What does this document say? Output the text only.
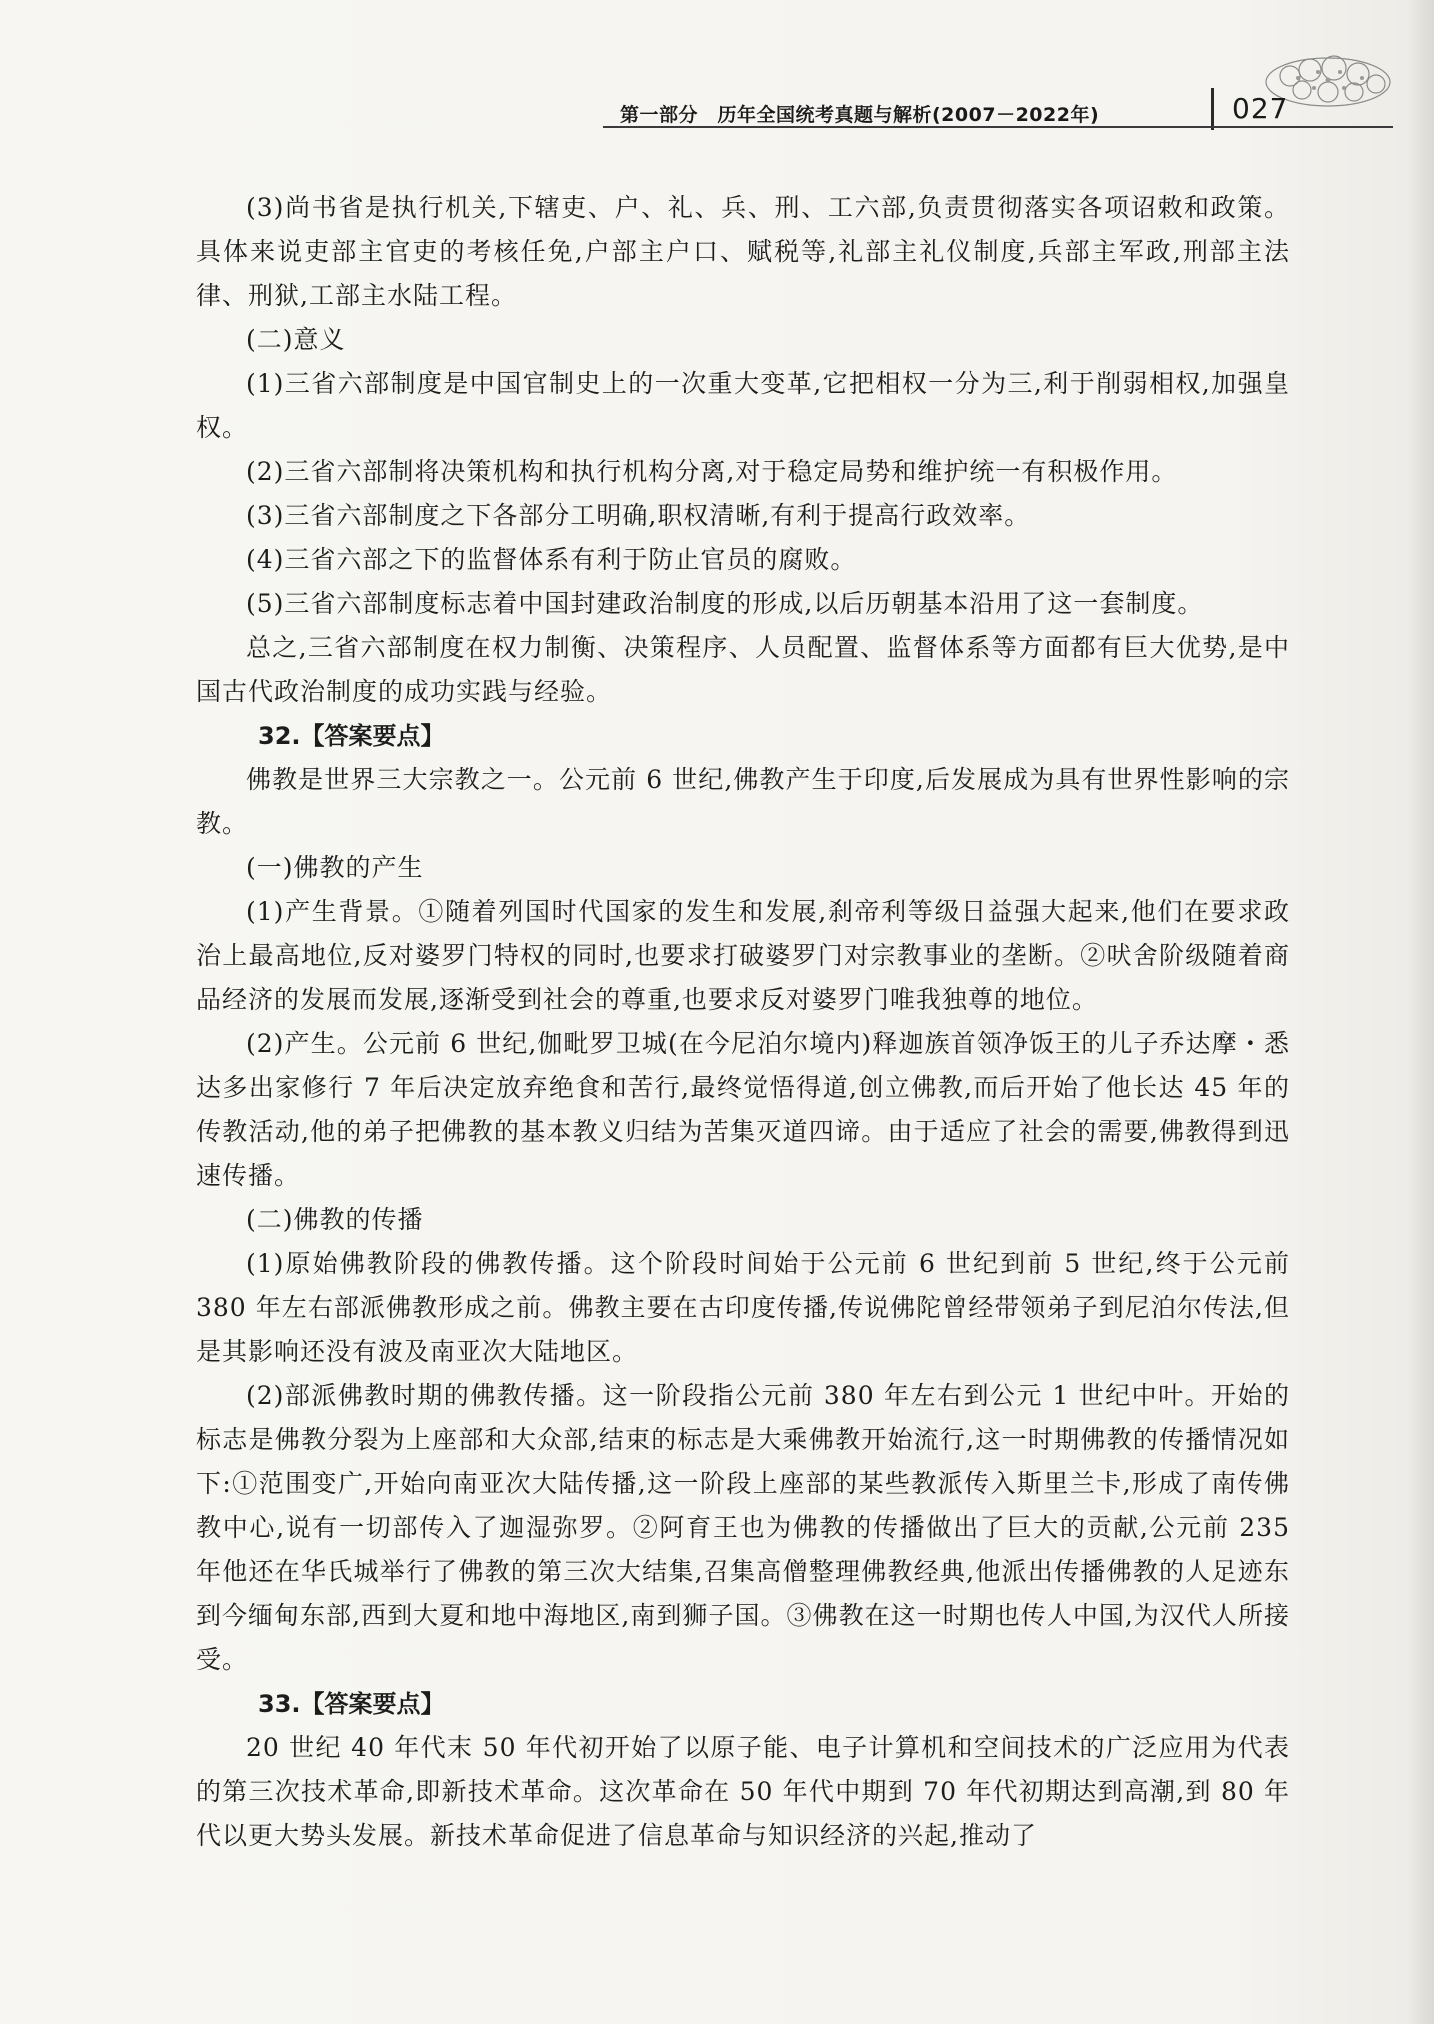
第一部分　历年全国统考真题与解析(2007－2022年)	027

(3)尚书省是执行机关,下辖吏、户、礼、兵、刑、工六部,负责贯彻落实各项诏敕和政策。具体来说吏部主官吏的考核任免,户部主户口、赋税等,礼部主礼仪制度,兵部主军政,刑部主法律、刑狱,工部主水陆工程。

(二)意义

(1)三省六部制度是中国官制史上的一次重大变革,它把相权一分为三,利于削弱相权,加强皇权。

(2)三省六部制将决策机构和执行机构分离,对于稳定局势和维护统一有积极作用。

(3)三省六部制度之下各部分工明确,职权清晰,有利于提高行政效率。

(4)三省六部之下的监督体系有利于防止官员的腐败。

(5)三省六部制度标志着中国封建政治制度的形成,以后历朝基本沿用了这一套制度。

总之,三省六部制度在权力制衡、决策程序、人员配置、监督体系等方面都有巨大优势,是中国古代政治制度的成功实践与经验。

32.【答案要点】

佛教是世界三大宗教之一。公元前 6 世纪,佛教产生于印度,后发展成为具有世界性影响的宗教。

(一)佛教的产生

(1)产生背景。①随着列国时代国家的发生和发展,刹帝利等级日益强大起来,他们在要求政治上最高地位,反对婆罗门特权的同时,也要求打破婆罗门对宗教事业的垄断。②吠舍阶级随着商品经济的发展而发展,逐渐受到社会的尊重,也要求反对婆罗门唯我独尊的地位。

(2)产生。公元前 6 世纪,伽毗罗卫城(在今尼泊尔境内)释迦族首领净饭王的儿子乔达摩・悉达多出家修行 7 年后决定放弃绝食和苦行,最终觉悟得道,创立佛教,而后开始了他长达 45 年的传教活动,他的弟子把佛教的基本教义归结为苦集灭道四谛。由于适应了社会的需要,佛教得到迅速传播。

(二)佛教的传播

(1)原始佛教阶段的佛教传播。这个阶段时间始于公元前 6 世纪到前 5 世纪,终于公元前 380 年左右部派佛教形成之前。佛教主要在古印度传播,传说佛陀曾经带领弟子到尼泊尔传法,但是其影响还没有波及南亚次大陆地区。

(2)部派佛教时期的佛教传播。这一阶段指公元前 380 年左右到公元 1 世纪中叶。开始的标志是佛教分裂为上座部和大众部,结束的标志是大乘佛教开始流行,这一时期佛教的传播情况如下:①范围变广,开始向南亚次大陆传播,这一阶段上座部的某些教派传入斯里兰卡,形成了南传佛教中心,说有一切部传入了迦湿弥罗。②阿育王也为佛教的传播做出了巨大的贡献,公元前 235 年他还在华氏城举行了佛教的第三次大结集,召集高僧整理佛教经典,他派出传播佛教的人足迹东到今缅甸东部,西到大夏和地中海地区,南到狮子国。③佛教在这一时期也传人中国,为汉代人所接受。

33.【答案要点】

20 世纪 40 年代末 50 年代初开始了以原子能、电子计算机和空间技术的广泛应用为代表的第三次技术革命,即新技术革命。这次革命在 50 年代中期到 70 年代初期达到高潮,到 80 年代以更大势头发展。新技术革命促进了信息革命与知识经济的兴起,推动了
